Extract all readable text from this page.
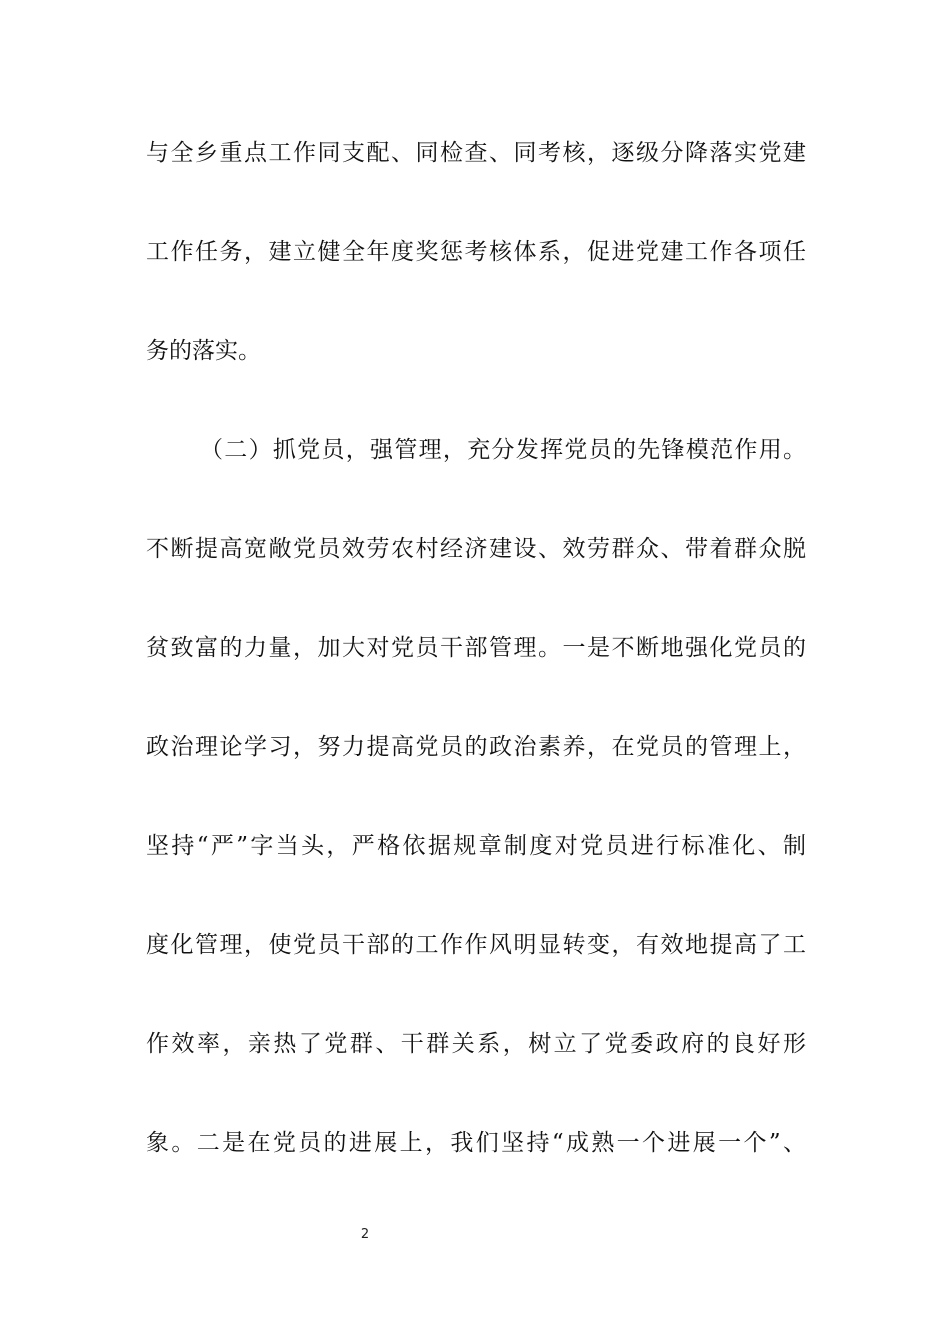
与全乡重点工作同支配、同检查、同考核，逐级分降落实党建
工作任务，建立健全年度奖惩考核体系，促进党建工作各项任
务的落实。
（二）抓党员，强管理，充分发挥党员的先锋模范作用。
不断提高宽敞党员效劳农村经济建设、效劳群众、带着群众脱
贫致富的力量，加大对党员干部管理。一是不断地强化党员的
政治理论学习，努力提高党员的政治素养，在党员的管理上，
坚持“严”字当头，严格依据规章制度对党员进行标准化、制
度化管理，使党员干部的工作作风明显转变，有效地提高了工
作效率，亲热了党群、干群关系，树立了党委政府的良好形
象。二是在党员的进展上，我们坚持“成熟一个进展一个”、
2
